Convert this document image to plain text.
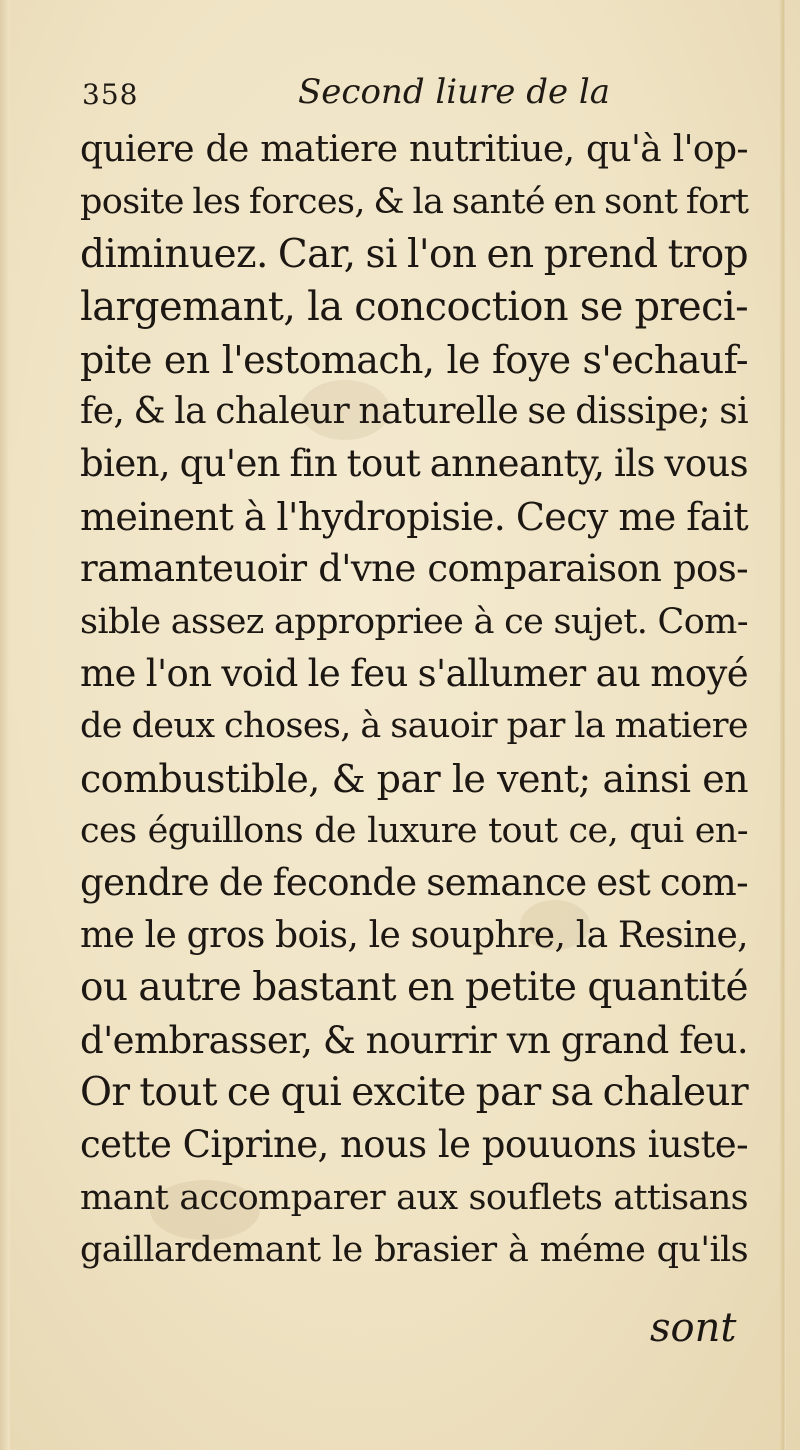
358	Second liure de la
quiere de matiere nutritiue, qu'à l'op-
posite les forces, & la santé en sont fort
diminuez. Car, si l'on en prend trop
largemant, la concoction se preci-
pite en l'estomach, le foye s'echauf-
fe, & la chaleur naturelle se dissipe; si
bien, qu'en fin tout anneanty, ils vous
meinent à l'hydropisie. Cecy me fait
ramanteuoir d'vne comparaison pos-
sible assez appropriee à ce sujet. Com-
me l'on void le feu s'allumer au moyé
de deux choses, à sauoir par la matiere
combustible, & par le vent; ainsi en
ces éguillons de luxure tout ce, qui en-
gendre de feconde semance est com-
me le gros bois, le souphre, la Resine,
ou autre bastant en petite quantité
d'embrasser, & nourrir vn grand feu.
Or tout ce qui excite par sa chaleur
cette Ciprine, nous le pouuons iuste-
mant accomparer aux souflets attisans
gaillardemant le brasier à méme qu'ils
sont
